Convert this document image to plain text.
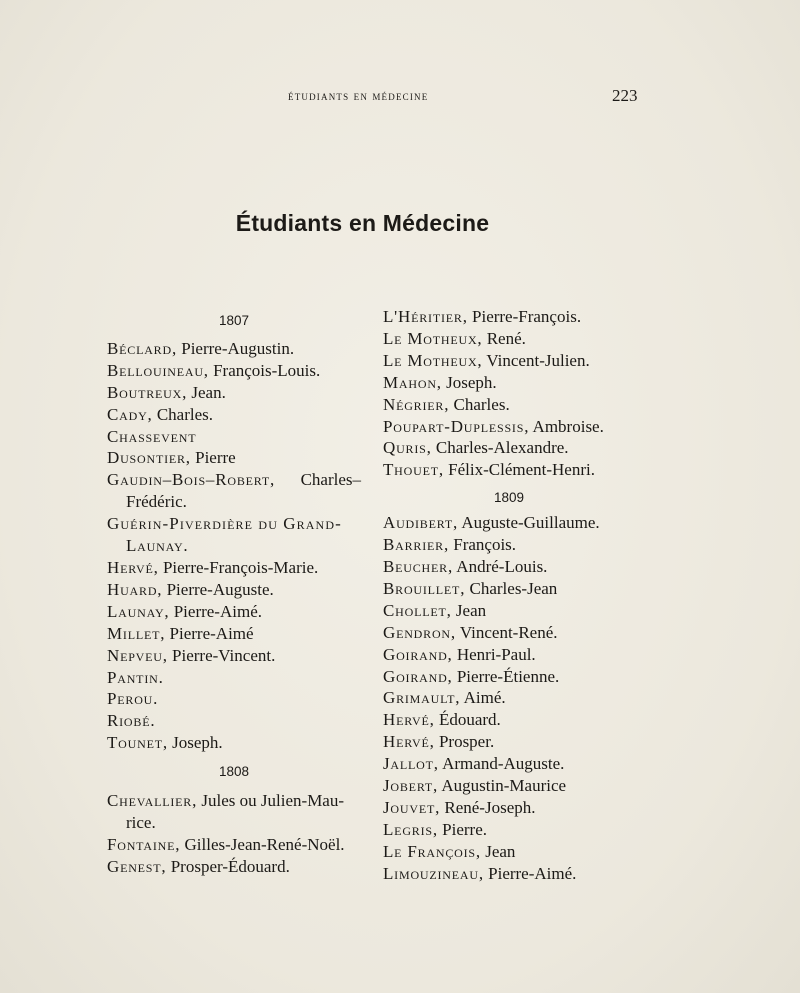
étudiants en médecine	223
Étudiants en Médecine

1807

Béclard, Pierre-Augustin.

Bellouineau, François-Louis.

Boutreux, Jean.

Cady, Charles.

Chassevent

Dusontier, Pierre

Gaudin–Bois–Robert, Charles–
Frédéric.

Guérin-Piverdière du Grand-
Launay.

Hervé, Pierre-François-Marie.

Huard, Pierre-Auguste.

Launay, Pierre-Aimé.

Millet, Pierre-Aimé

Nepveu, Pierre-Vincent.

Pantin.

Perou.

Riobé.

Tounet, Joseph.

1808

Chevallier, Jules ou Julien-Mau-
rice.

Fontaine, Gilles-Jean-René-Noël.

Genest, Prosper-Édouard.

L'Héritier, Pierre-François.

Le Motheux, René.

Le Motheux, Vincent-Julien.

Mahon, Joseph.

Négrier, Charles.

Poupart-Duplessis, Ambroise.

Quris, Charles-Alexandre.

Thouet, Félix-Clément-Henri.

1809

Audibert, Auguste-Guillaume.

Barrier, François.

Beucher, André-Louis.

Brouillet, Charles-Jean

Chollet, Jean

Gendron, Vincent-René.

Goirand, Henri-Paul.

Goirand, Pierre-Étienne.

Grimault, Aimé.

Hervé, Édouard.

Hervé, Prosper.

Jallot, Armand-Auguste.

Jobert, Augustin-Maurice

Jouvet, René-Joseph.

Legris, Pierre.

Le François, Jean

Limouzineau, Pierre-Aimé.
